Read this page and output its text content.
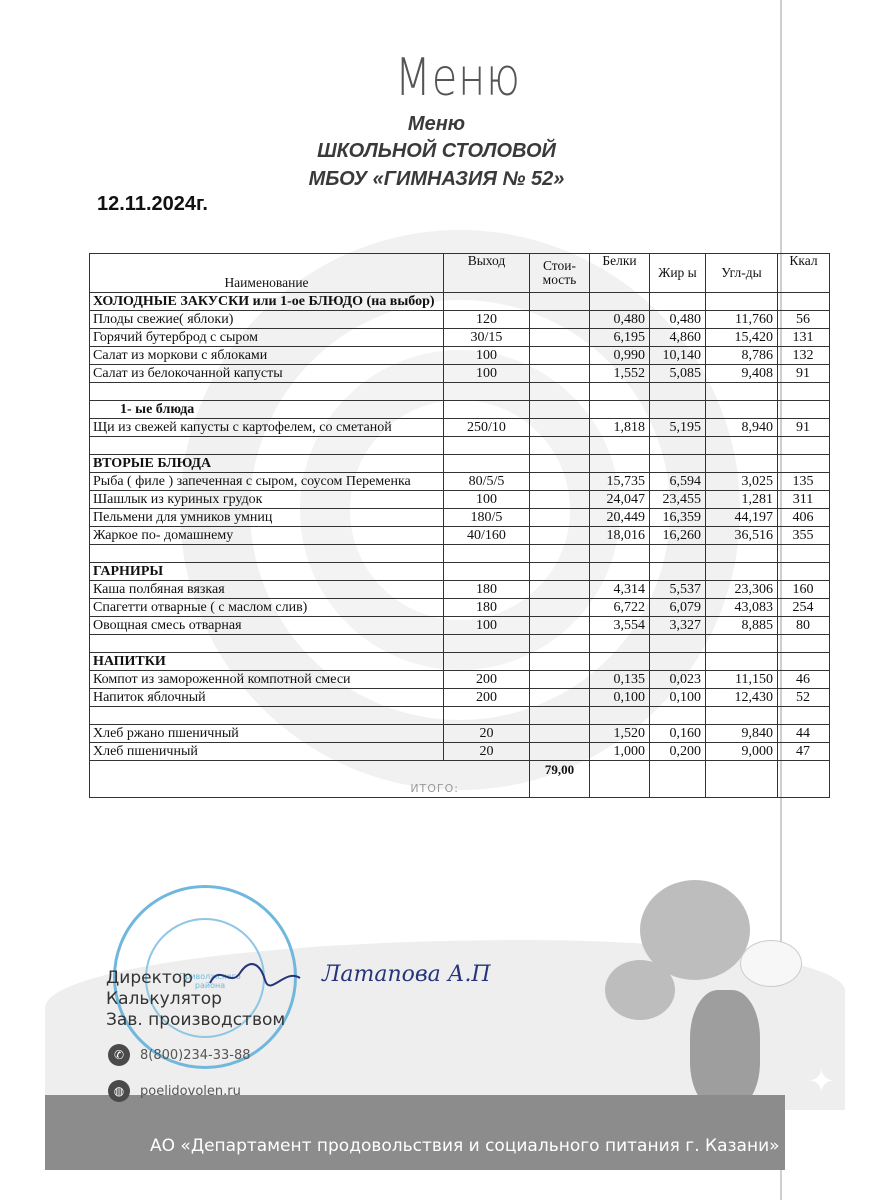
Меню
Меню
ШКОЛЬНОЙ СТОЛОВОЙ
МБОУ «ГИМНАЗИЯ № 52»
12.11.2024г.
Наименование	Выход	Стои-мость	Белки	Жир ы	Угл-ды	Ккал
ХОЛОДНЫЕ ЗАКУСКИ или 1-ое БЛЮДО (на выбор)						
Плоды свежие( яблоки)	120		0,480	0,480	11,760	56
Горячий бутерброд с сыром	30/15		6,195	4,860	15,420	131
Салат из моркови с яблоками	100		0,990	10,140	8,786	132
Салат из белокочанной капусты	100		1,552	5,085	9,408	91

1- ые блюда						
Щи из свежей капусты с картофелем, со сметаной	250/10		1,818	5,195	8,940	91

ВТОРЫЕ БЛЮДА						
Рыба ( филе ) запеченная с сыром, соусом Переменка	80/5/5		15,735	6,594	3,025	135
Шашлык из куриных грудок	100		24,047	23,455	1,281	311
Пельмени для умников умниц	180/5		20,449	16,359	44,197	406
Жаркое по- домашнему	40/160		18,016	16,260	36,516	355

ГАРНИРЫ						
Каша полбяная вязкая	180		4,314	5,537	23,306	160
Спагетти отварные ( с маслом слив)	180		6,722	6,079	43,083	254
Овощная смесь отварная	100		3,554	3,327	8,885	80

НАПИТКИ						
Компот из замороженной компотной смеси	200		0,135	0,023	11,150	46
Напиток яблочный	200		0,100	0,100	12,430	52

Хлеб ржано пшеничный	20		1,520	0,160	9,840	44
Хлеб пшеничный	20		1,000	0,200	9,000	47
ИТОГО:		79,00				
✦
АО «Департамент продовольствия и социального питания г. Казани»
Приволжского района
Директор
Калькулятор
Зав. производством
Латапова А.П
✆	8(800)234-33-88
◍	poelidovolen.ru
